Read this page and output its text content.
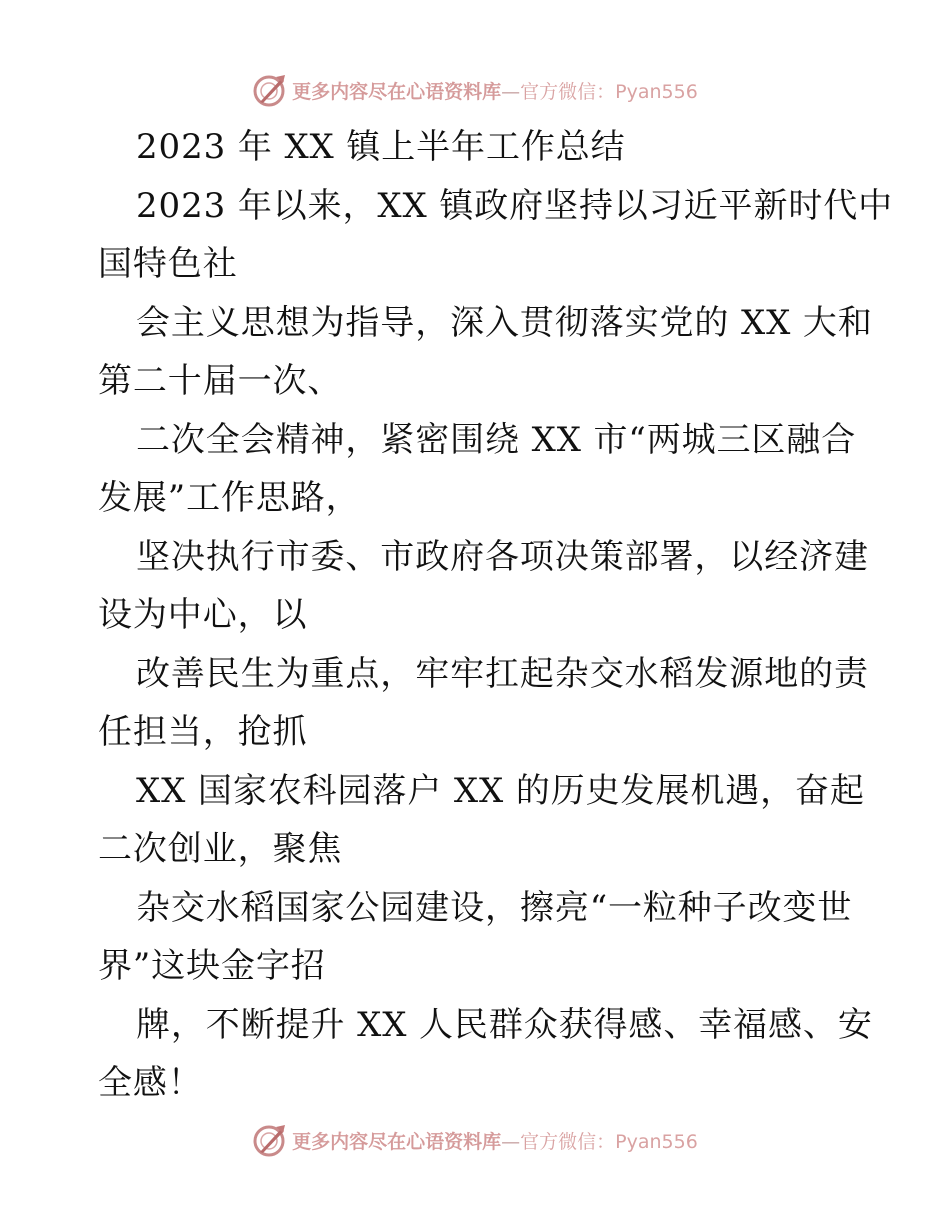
更多内容尽在心语资料库—官方微信：Pyan556
2023 年 XX 镇上半年工作总结
2023 年以来，XX 镇政府坚持以习近平新时代中
国特色社
会主义思想为指导，深入贯彻落实党的 XX 大和
第二十届一次、
二次全会精神，紧密围绕 XX 市“两城三区融合
发展”工作思路，
坚决执行市委、市政府各项决策部署，以经济建
设为中心，以
改善民生为重点，牢牢扛起杂交水稻发源地的责
任担当，抢抓
XX 国家农科园落户 XX 的历史发展机遇，奋起
二次创业，聚焦
杂交水稻国家公园建设，擦亮“一粒种子改变世
界”这块金字招
牌，不断提升 XX 人民群众获得感、幸福感、安
全感！
更多内容尽在心语资料库—官方微信：Pyan556
